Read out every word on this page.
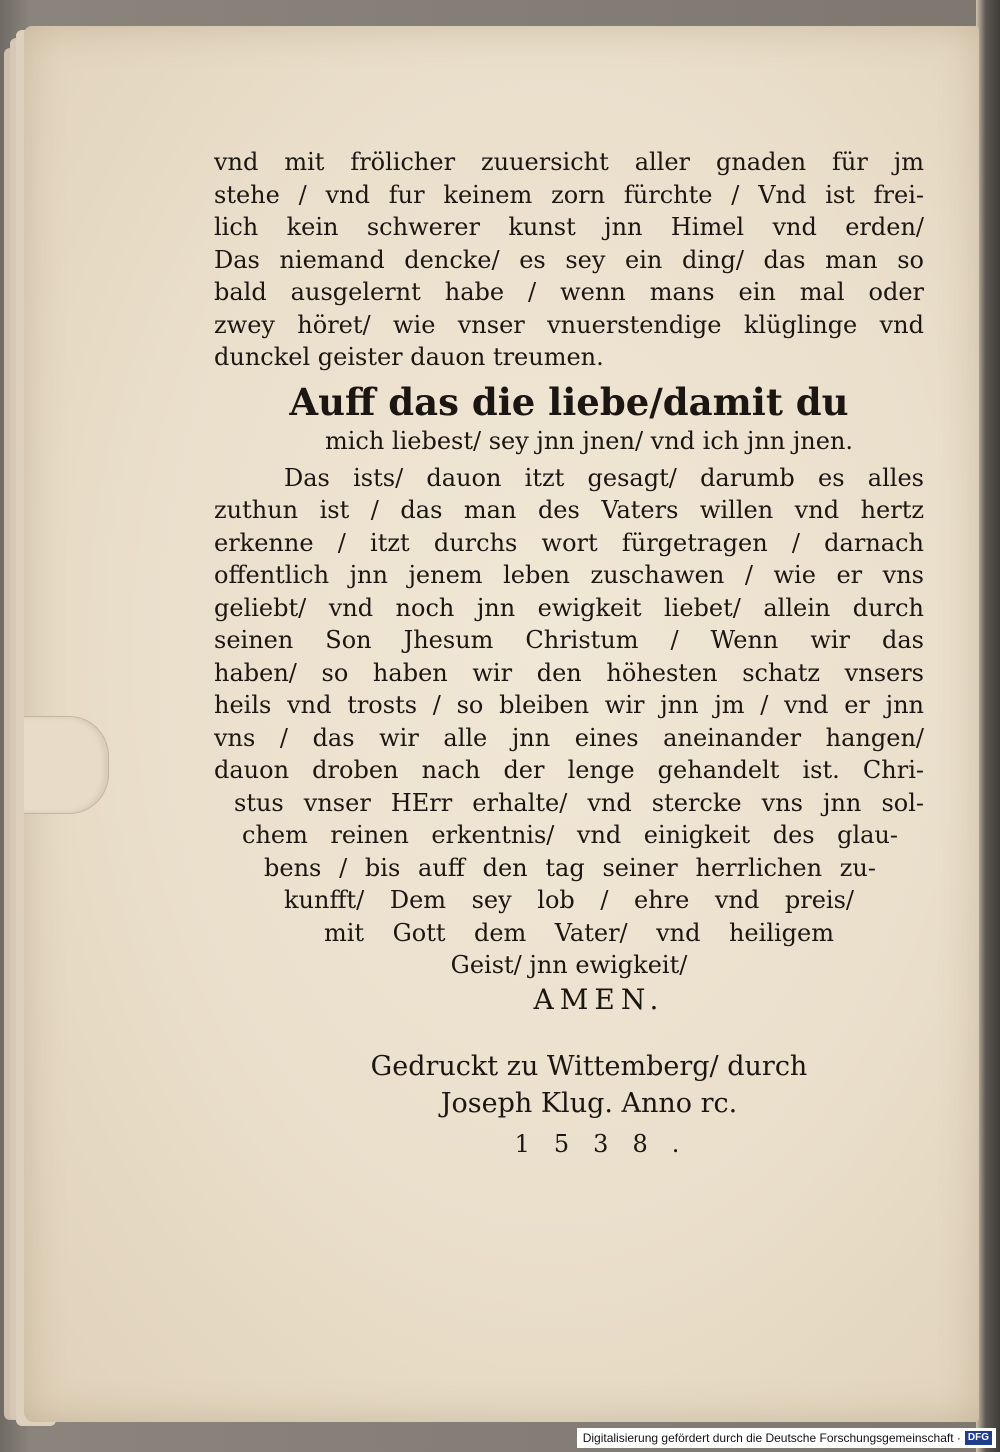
vnd mit frölicher zuuersicht aller gnaden für jm
stehe / vnd fur keinem zorn fürchte / Vnd ist frei-
lich kein schwerer kunst jnn Himel vnd erden/
Das niemand dencke/ es sey ein ding/ das man so
bald ausgelernt habe / wenn mans ein mal oder
zwey höret/ wie vnser vnuerstendige klüglinge vnd
dunckel geister dauon treumen.
Auff das die liebe/damit du
mich liebest/ sey jnn jnen/ vnd ich jnn jnen.
Das ists/ dauon itzt gesagt/ darumb es alles
zuthun ist / das man des Vaters willen vnd hertz
erkenne / itzt durchs wort fürgetragen / darnach
offentlich jnn jenem leben zuschawen / wie er vns
geliebt/ vnd noch jnn ewigkeit liebet/ allein durch
seinen Son Jhesum Christum / Wenn wir das
haben/ so haben wir den höhesten schatz vnsers
heils vnd trosts / so bleiben wir jnn jm / vnd er jnn
vns / das wir alle jnn eines aneinander hangen/
dauon droben nach der lenge gehandelt ist. Chri-
stus vnser HErr erhalte/ vnd stercke vns jnn sol-
chem reinen erkentnis/ vnd einigkeit des glau-
bens / bis auff den tag seiner herrlichen zu-
kunfft/ Dem sey lob / ehre vnd preis/
mit Gott dem Vater/ vnd heiligem
Geist/ jnn ewigkeit/
AMEN.
Gedruckt zu Wittemberg/ durch
Joseph Klug. Anno rc.
1538.
Digitalisierung gefördert durch die Deutsche Forschungsgemeinschaft · DFG
